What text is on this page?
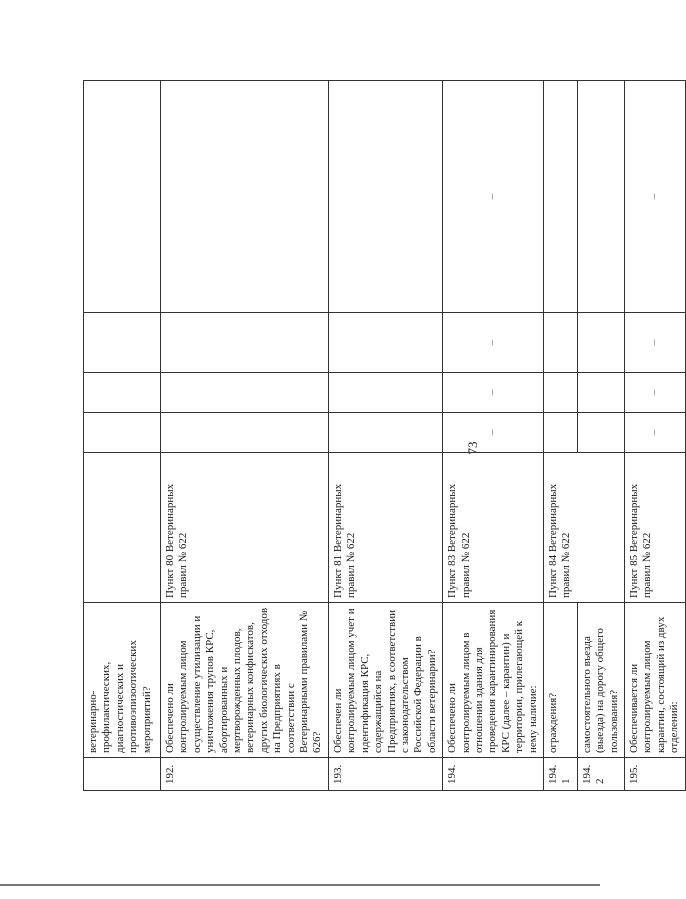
73
	ветеринарно-профилактических, диагностических и противоэпизоотических мероприятий?					
192.	Обеспечено ли контролируемым лицом осуществление утилизации и уничтожения трупов КРС, абортированных и мертворожденных плодов, ветеринарных конфискатов, других биологических отходов на Предприятиях в соответствии с Ветеринарными правилами № 626?	Пункт 80 Ветеринарных правил № 622				
193.	Обеспечен ли контролируемым лицом учет и идентификация КРС, содержащийся на Предприятиях, в соответствии с законодательством Российской Федерации в области ветеринарии?	Пункт 81 Ветеринарных правил № 622				
194.	Обеспечено ли контролируемым лицом в отношении здания для проведения карантинирования КРС (далее – карантин) и территории, прилегающей к нему наличие:	Пункт 83 Ветеринарных правил № 622	–	–	–	–
194.1	ограждения?	Пункт 84 Ветеринарных правил № 622				
194.2	самостоятельного въезда (выезда) на дорогу общего пользования?					
195.	Обеспечивается ли контролируемым лицом карантин, состоящий из двух отделений:	Пункт 85 Ветеринарных правил № 622	–	–	–	–
